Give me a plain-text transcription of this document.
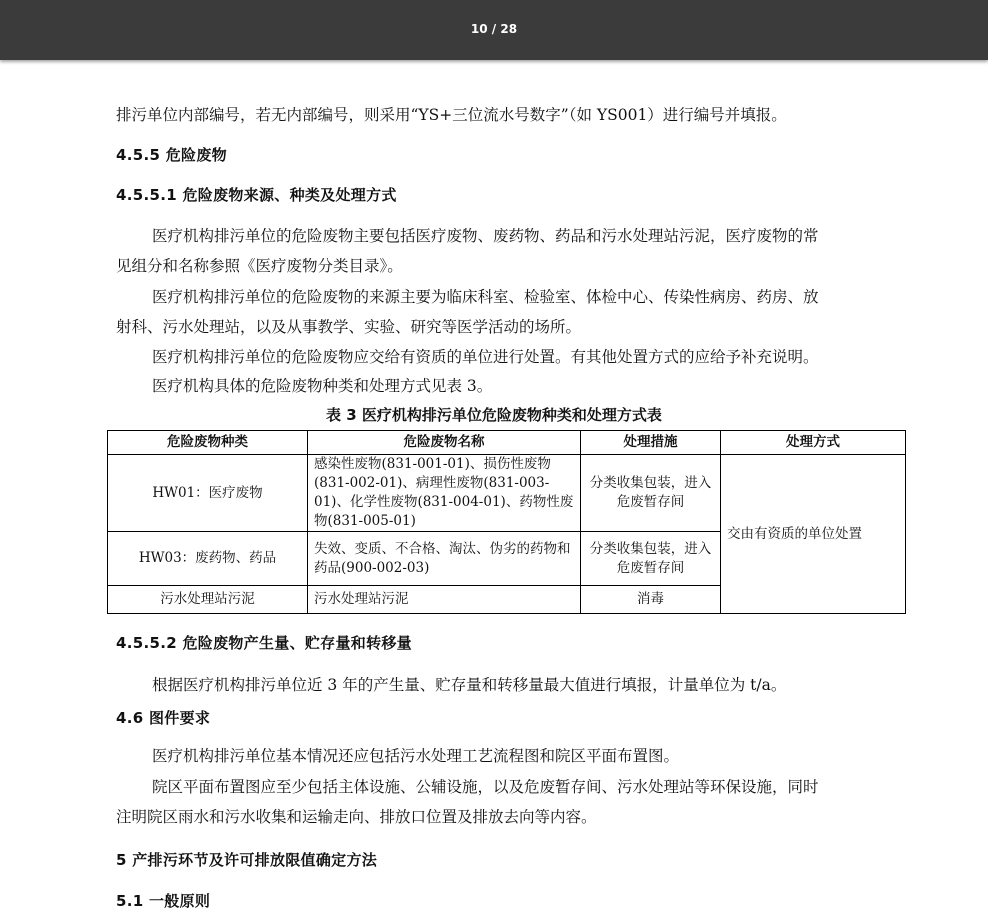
10 / 28
排污单位内部编号，若无内部编号，则采用“YS+三位流水号数字”（如 YS001）进行编号并填报。
4.5.5 危险废物
4.5.5.1 危险废物来源、种类及处理方式
医疗机构排污单位的危险废物主要包括医疗废物、废药物、药品和污水处理站污泥，医疗废物的常
见组分和名称参照《医疗废物分类目录》。
医疗机构排污单位的危险废物的来源主要为临床科室、检验室、体检中心、传染性病房、药房、放
射科、污水处理站，以及从事教学、实验、研究等医学活动的场所。
医疗机构排污单位的危险废物应交给有资质的单位进行处置。有其他处置方式的应给予补充说明。
医疗机构具体的危险废物种类和处理方式见表 3。
表 3 医疗机构排污单位危险废物种类和处理方式表
危险废物种类	危险废物名称	处理措施	处理方式
HW01：医疗废物	感染性废物(831-001-01)、损伤性废物(831-002-01)、病理性废物(831-003-01)、化学性废物(831-004-01)、药物性废物(831-005-01)	分类收集包装，进入危废暂存间	交由有资质的单位处置
HW03：废药物、药品	失效、变质、不合格、淘汰、伪劣的药物和药品(900-002-03)	分类收集包装，进入危废暂存间	
污水处理站污泥	污水处理站污泥	消毒	
4.5.5.2 危险废物产生量、贮存量和转移量
根据医疗机构排污单位近 3 年的产生量、贮存量和转移量最大值进行填报，计量单位为 t/a。
4.6 图件要求
医疗机构排污单位基本情况还应包括污水处理工艺流程图和院区平面布置图。
院区平面布置图应至少包括主体设施、公辅设施，以及危废暂存间、污水处理站等环保设施，同时
注明院区雨水和污水收集和运输走向、排放口位置及排放去向等内容。
5 产排污环节及许可排放限值确定方法
5.1 一般原则
